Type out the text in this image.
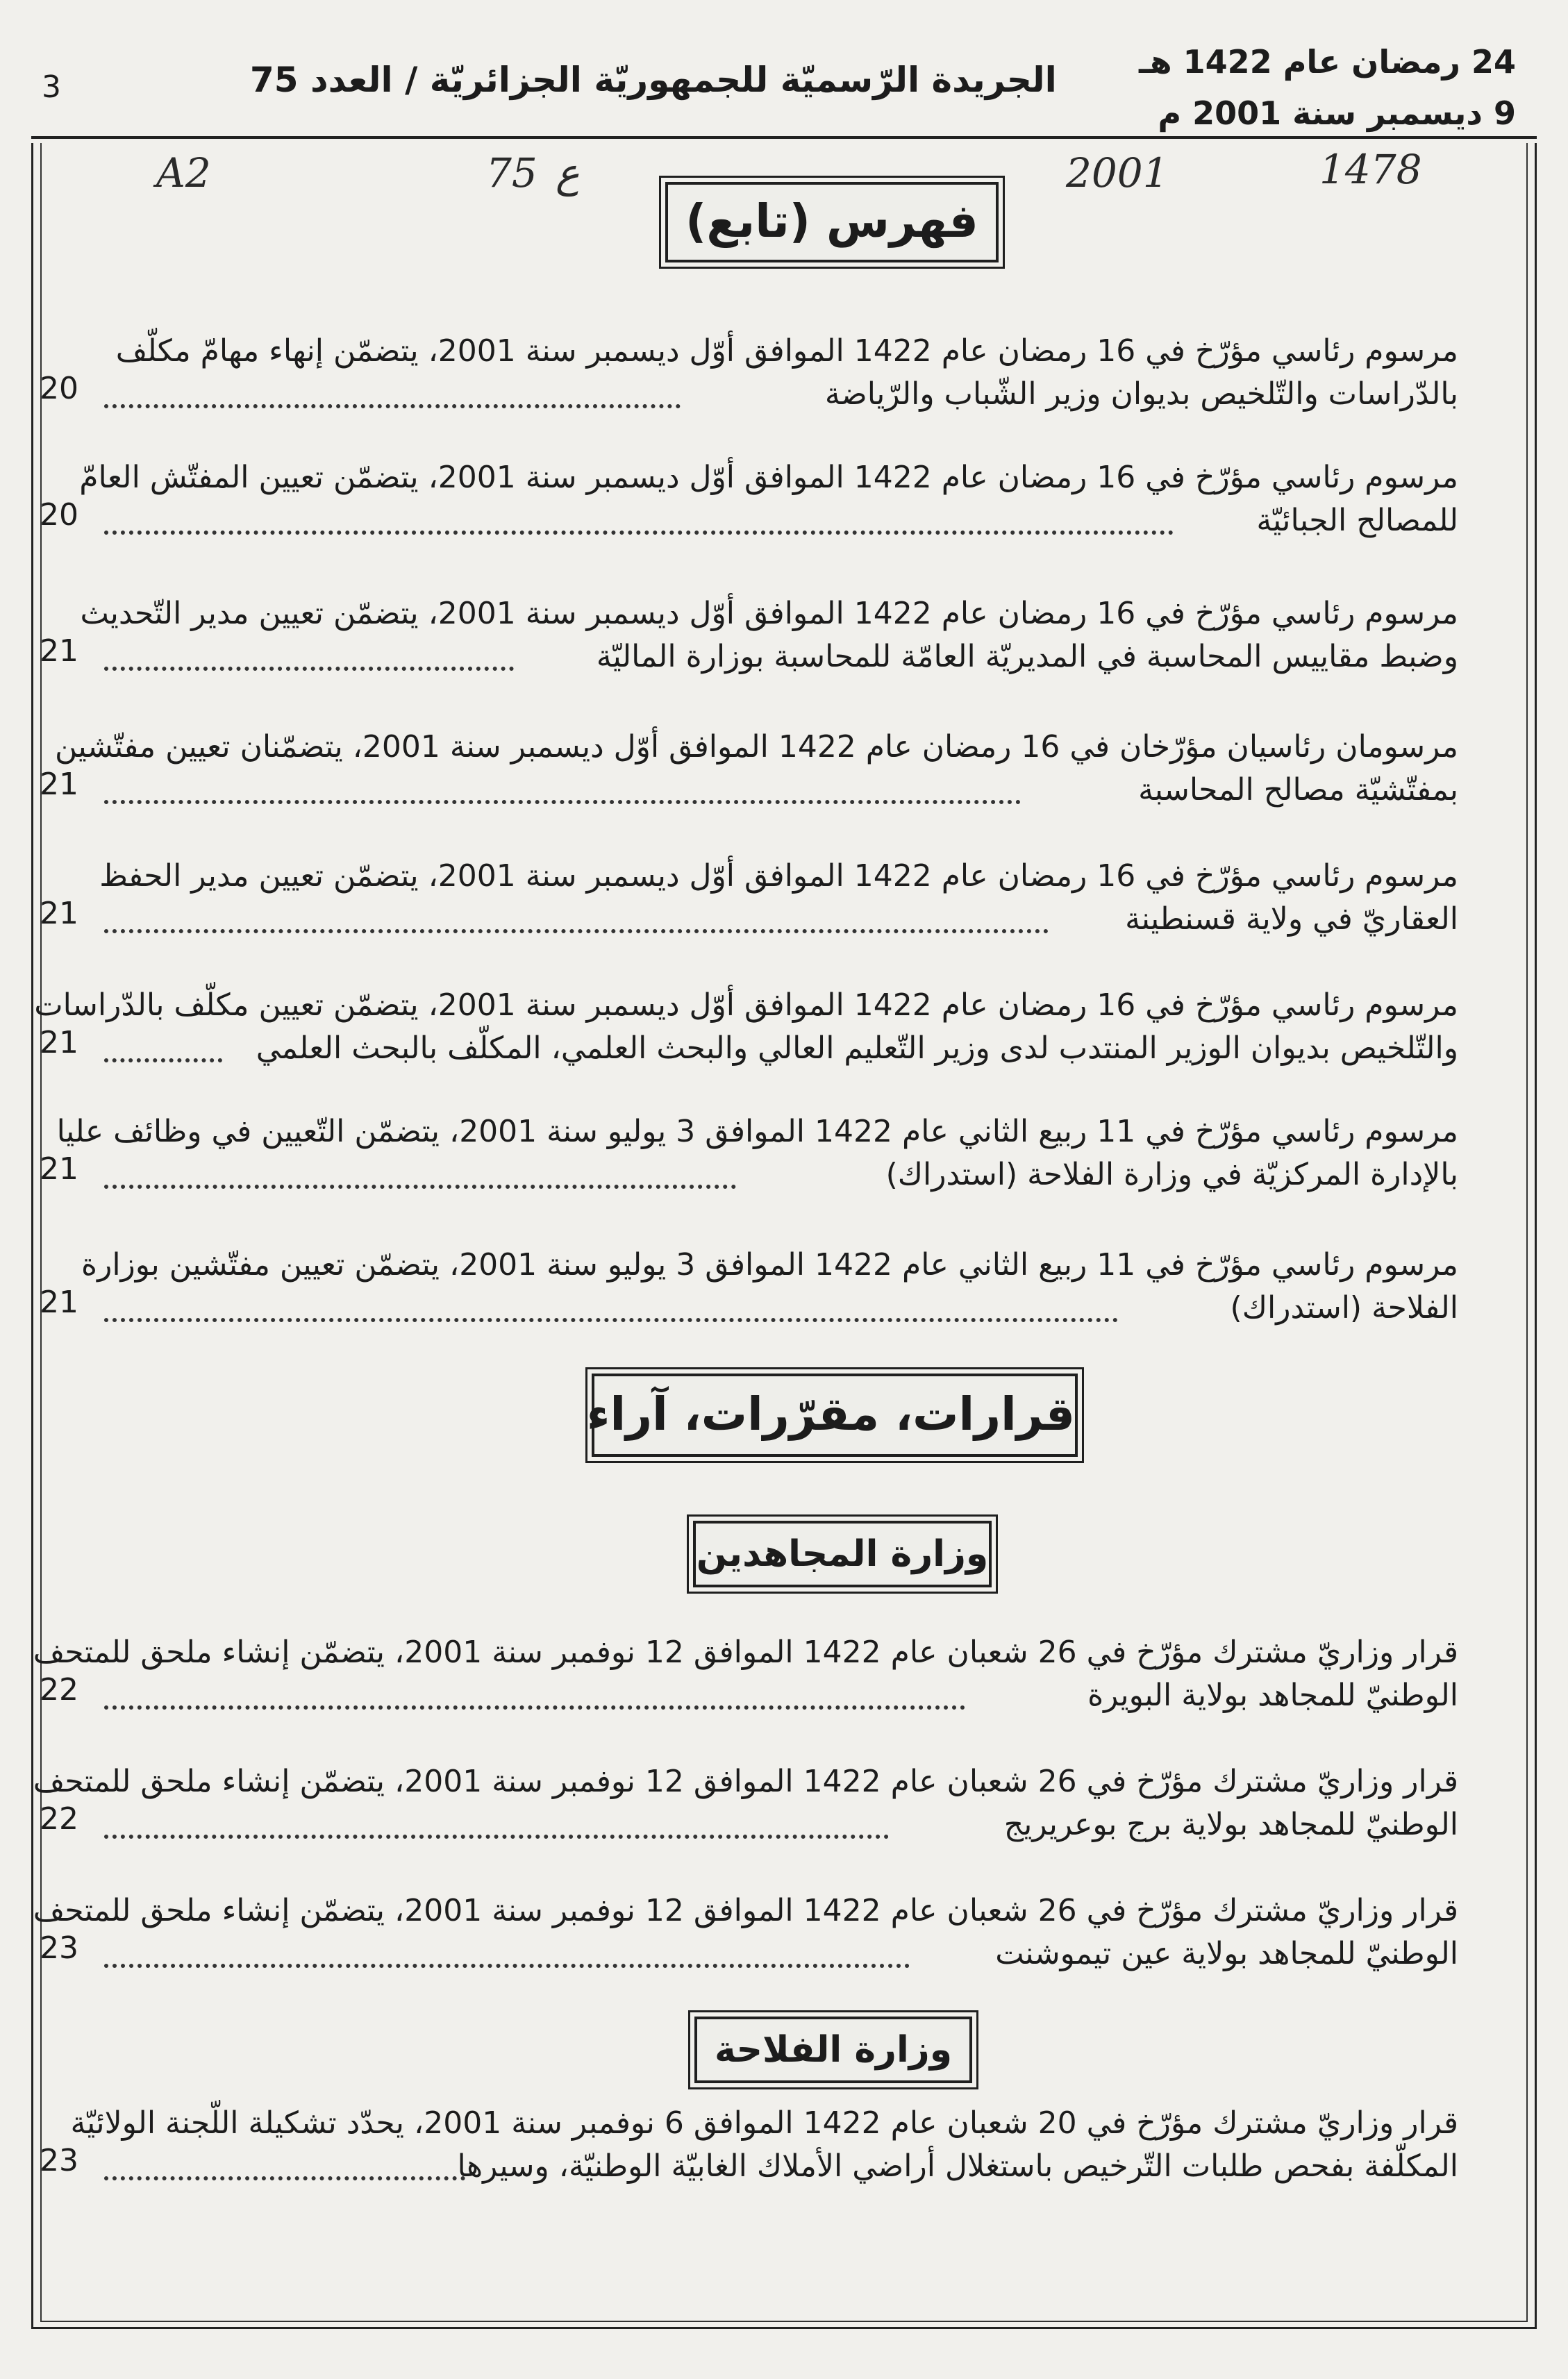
3	الجريدة الرّسميّة للجمهوريّة الجزائريّة / العدد 75	24 رمضان عام 1422 هـ
9 ديسمبر سنة 2001 م
A2	75 ع	2001	1478
فهرس (تابع)
مرسوم رئاسي مؤرّخ في 16 رمضان عام 1422 الموافق أوّل ديسمبر سنة 2001، يتضمّن إنهاء مهامّ مكلّف
بالدّراسات والتّلخيص بديوان وزير الشّباب والرّياضة
20
مرسوم رئاسي مؤرّخ في 16 رمضان عام 1422 الموافق أوّل ديسمبر سنة 2001، يتضمّن تعيين المفتّش العامّ
للمصالح الجبائيّة
20
مرسوم رئاسي مؤرّخ في 16 رمضان عام 1422 الموافق أوّل ديسمبر سنة 2001، يتضمّن تعيين مدير التّحديث
وضبط مقاييس المحاسبة في المديريّة العامّة للمحاسبة بوزارة الماليّة
21
مرسومان رئاسيان مؤرّخان في 16 رمضان عام 1422 الموافق أوّل ديسمبر سنة 2001، يتضمّنان تعيين مفتّشين
بمفتّشيّة مصالح المحاسبة
21
مرسوم رئاسي مؤرّخ في 16 رمضان عام 1422 الموافق أوّل ديسمبر سنة 2001، يتضمّن تعيين مدير الحفظ
العقاريّ في ولاية قسنطينة
21
مرسوم رئاسي مؤرّخ في 16 رمضان عام 1422 الموافق أوّل ديسمبر سنة 2001، يتضمّن تعيين مكلّف بالدّراسات
والتّلخيص بديوان الوزير المنتدب لدى وزير التّعليم العالي والبحث العلمي، المكلّف بالبحث العلمي
21
مرسوم رئاسي مؤرّخ في 11 ربيع الثاني عام 1422 الموافق 3 يوليو سنة 2001، يتضمّن التّعيين في وظائف عليا
بالإدارة المركزيّة في وزارة الفلاحة (استدراك)
21
مرسوم رئاسي مؤرّخ في 11 ربيع الثاني عام 1422 الموافق 3 يوليو سنة 2001، يتضمّن تعيين مفتّشين بوزارة
الفلاحة (استدراك)
21
قرارات، مقرّرات، آراء
وزارة المجاهدين
قرار وزاريّ مشترك مؤرّخ في 26 شعبان عام 1422 الموافق 12 نوفمبر سنة 2001، يتضمّن إنشاء ملحق للمتحف
الوطنيّ للمجاهد بولاية البويرة
22
قرار وزاريّ مشترك مؤرّخ في 26 شعبان عام 1422 الموافق 12 نوفمبر سنة 2001، يتضمّن إنشاء ملحق للمتحف
الوطنيّ للمجاهد بولاية برج بوعريريج
22
قرار وزاريّ مشترك مؤرّخ في 26 شعبان عام 1422 الموافق 12 نوفمبر سنة 2001، يتضمّن إنشاء ملحق للمتحف
الوطنيّ للمجاهد بولاية عين تيموشنت
23
وزارة الفلاحة
قرار وزاريّ مشترك مؤرّخ في 20 شعبان عام 1422 الموافق 6 نوفمبر سنة 2001، يحدّد تشكيلة اللّجنة الولائيّة
المكلّفة بفحص طلبات التّرخيص باستغلال أراضي الأملاك الغابيّة الوطنيّة، وسيرها
23
